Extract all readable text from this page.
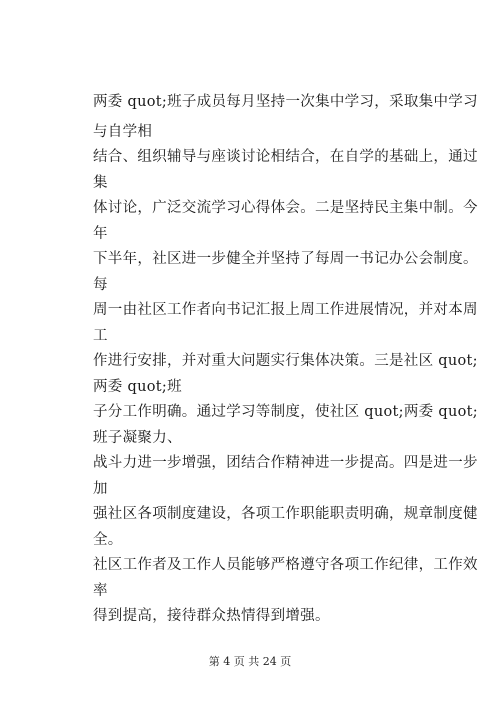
两委 quot;班子成员每月坚持一次集中学习，采取集中学习
与自学相
结合、组织辅导与座谈讨论相结合，在自学的基础上，通过
集
体讨论，广泛交流学习心得体会。二是坚持民主集中制。今
年
下半年，社区进一步健全并坚持了每周一书记办公会制度。
每
周一由社区工作者向书记汇报上周工作进展情况，并对本周
工
作进行安排，并对重大问题实行集体决策。三是社区 quot;
两委 quot;班
子分工作明确。通过学习等制度，使社区 quot;两委 quot;
班子凝聚力、
战斗力进一步增强，团结合作精神进一步提高。四是进一步
加
强社区各项制度建设，各项工作职能职责明确，规章制度健
全。
社区工作者及工作人员能够严格遵守各项工作纪律，工作效
率
得到提高，接待群众热情得到增强。
第 4 页 共 24 页
